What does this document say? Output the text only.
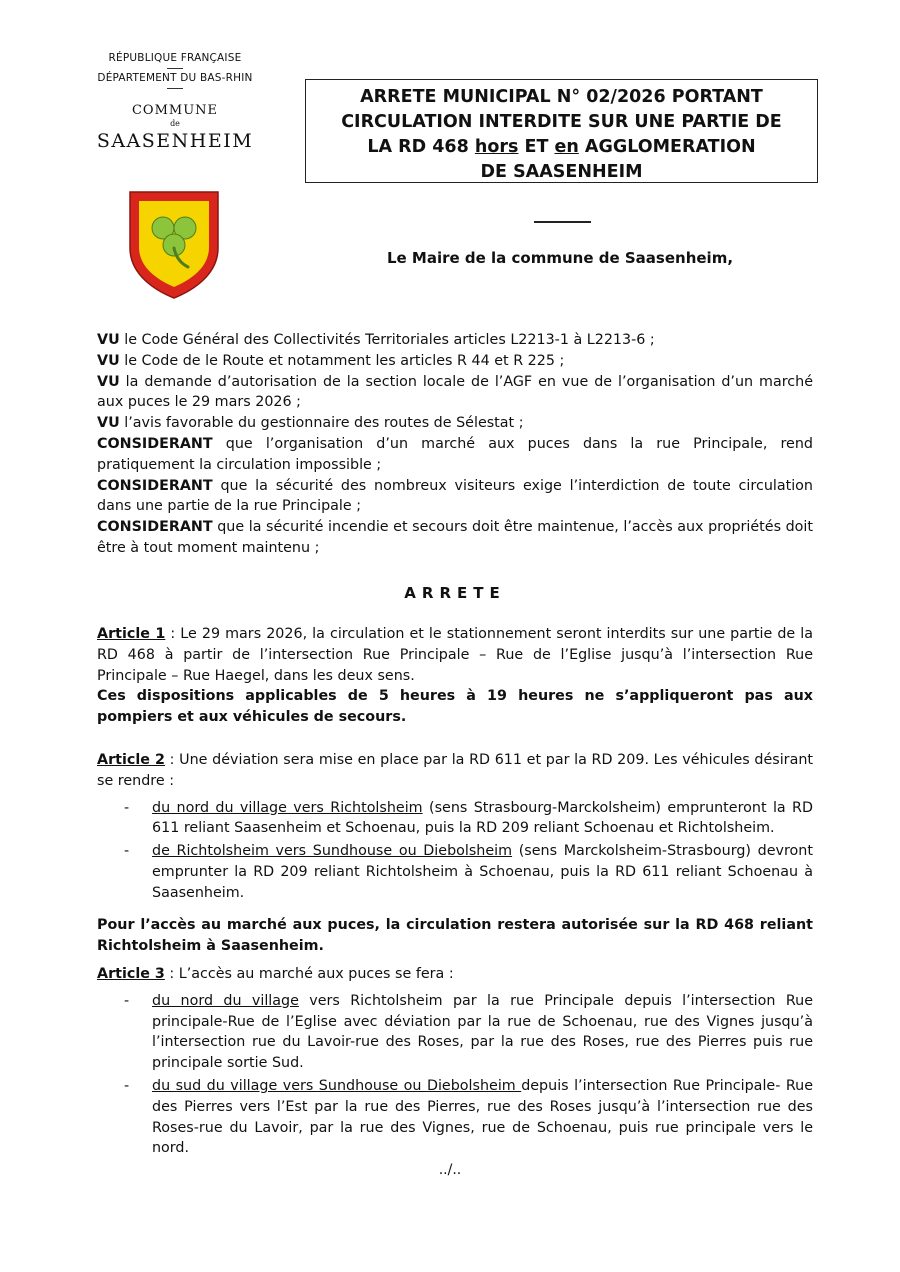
RÉPUBLIQUE FRANÇAISE
DÉPARTEMENT DU BAS-RHIN
COMMUNE
de
SAASENHEIM
ARRETE MUNICIPAL N° 02/2026 PORTANT
CIRCULATION INTERDITE SUR UNE PARTIE DE
LA RD 468 hors ET en AGGLOMERATION
DE SAASENHEIM
Le Maire de la commune de Saasenheim,

VU le Code Général des Collectivités Territoriales articles L2213-1 à L2213-6 ;

VU le Code de le Route et notamment les articles R 44 et R 225 ;

VU la demande d’autorisation de la section locale de l’AGF en vue de l’organisation d’un marché aux puces le 29 mars 2026 ;

VU l’avis favorable du gestionnaire des routes de Sélestat ;

CONSIDERANT que l’organisation d’un marché aux puces dans la rue Principale, rend pratiquement la circulation impossible ;

CONSIDERANT que la sécurité des nombreux visiteurs exige l’interdiction de toute circulation dans une partie de la rue Principale ;

CONSIDERANT que la sécurité incendie et secours doit être maintenue, l’accès aux propriétés doit être à tout moment maintenu ;

ARRETE

Article 1 : Le 29 mars 2026, la circulation et le stationnement seront interdits sur une partie de la RD 468 à partir de l’intersection Rue Principale – Rue de l’Eglise jusqu’à l’intersection Rue Principale – Rue Haegel, dans les deux sens.

Ces dispositions applicables de 5 heures à 19 heures ne s’appliqueront pas aux pompiers et aux véhicules de secours.

Article 2 : Une déviation sera mise en place par la RD 611 et par la RD 209. Les véhicules désirant se rendre :

- du nord du village vers Richtolsheim (sens Strasbourg-Marckolsheim) emprunteront la RD 611 reliant Saasenheim et Schoenau, puis la RD 209 reliant Schoenau et Richtolsheim.
- de Richtolsheim vers Sundhouse ou Diebolsheim (sens Marckolsheim-Strasbourg) devront emprunter la RD 209 reliant Richtolsheim à Schoenau, puis la RD 611 reliant Schoenau à Saasenheim.
Pour l’accès au marché aux puces, la circulation restera autorisée sur la RD 468 reliant Richtolsheim à Saasenheim.

Article 3 : L’accès au marché aux puces se fera :

- du nord du village vers Richtolsheim par la rue Principale depuis l’intersection Rue principale-Rue de l’Eglise avec déviation par la rue de Schoenau, rue des Vignes jusqu’à l’intersection rue du Lavoir-rue des Roses, par la rue des Roses, rue des Pierres puis rue principale sortie Sud.
- du sud du village vers Sundhouse ou Diebolsheim depuis l’intersection Rue Principale- Rue des Pierres vers l’Est par la rue des Pierres, rue des Roses jusqu’à l’intersection rue des Roses-rue du Lavoir, par la rue des Vignes, rue de Schoenau, puis rue principale vers le nord.
../..
